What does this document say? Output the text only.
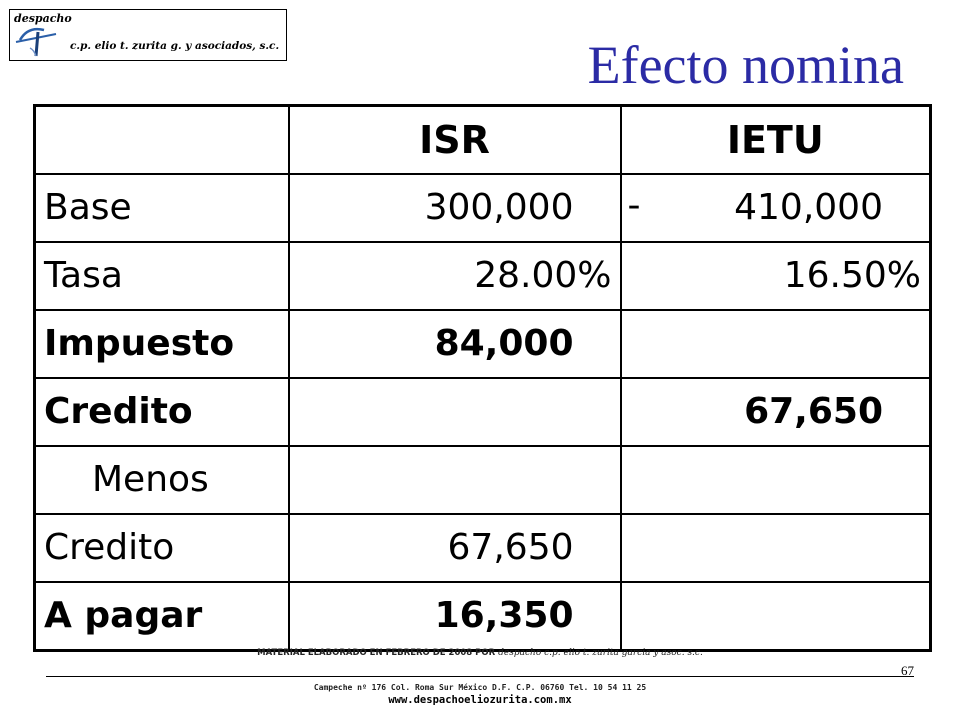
despacho
c.p. elio t. zurita g. y asociados, s.c.	Efecto nomina
	ISR	IETU
Base	300,000	- 410,000
Tasa	28.00%	16.50%
Impuesto	84,000	
Credito		67,650
Menos		
Credito	67,650	
A pagar	16,350	
MATERIAL ELABORADO EN FEBRERO DE 2008 POR despacho c.p. elio t. zurita garcia y asoc. s.c.
67
Campeche nº 176 Col. Roma Sur México D.F. C.P. 06760 Tel. 10 54 11 25
www.despachoeliozurita.com.mx
